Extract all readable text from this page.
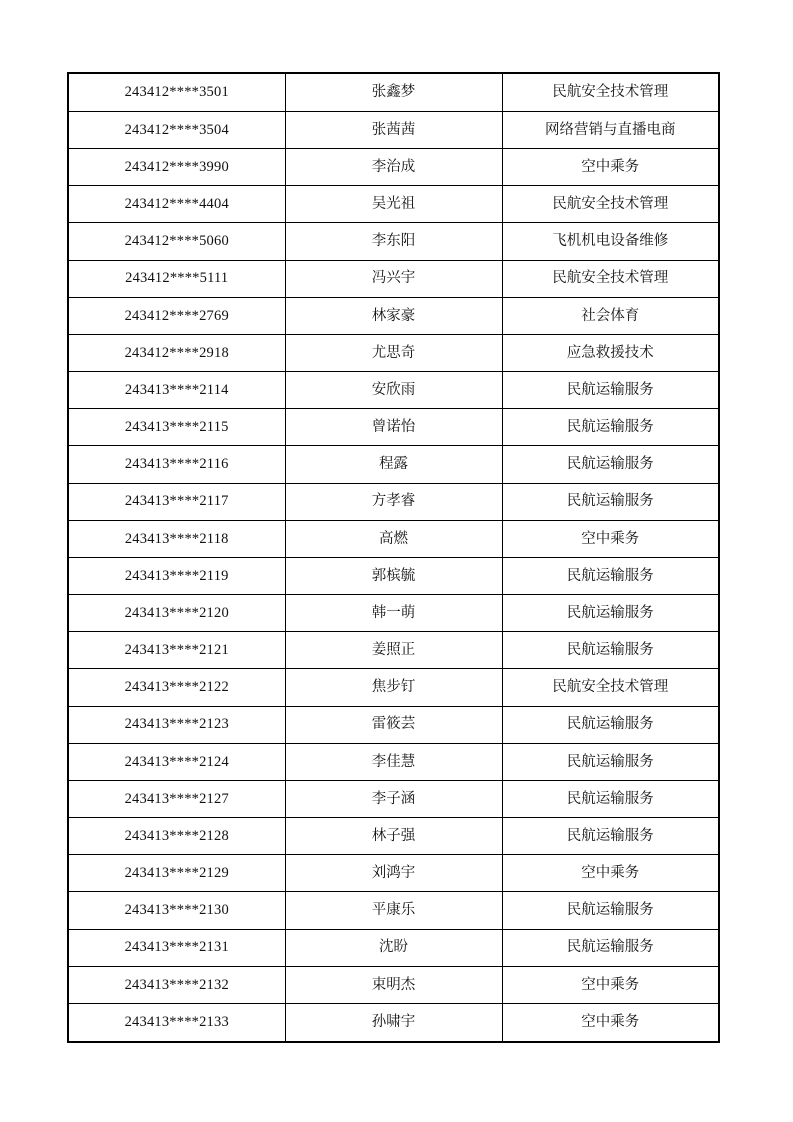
243412****3501	张鑫梦	民航安全技术管理
243412****3504	张茜茜	网络营销与直播电商
243412****3990	李治成	空中乘务
243412****4404	吴光祖	民航安全技术管理
243412****5060	李东阳	飞机机电设备维修
243412****5111	冯兴宇	民航安全技术管理
243412****2769	林家豪	社会体育
243412****2918	尤思奇	应急救援技术
243413****2114	安欣雨	民航运输服务
243413****2115	曾诺怡	民航运输服务
243413****2116	程露	民航运输服务
243413****2117	方孝睿	民航运输服务
243413****2118	高燃	空中乘务
243413****2119	郭槟毓	民航运输服务
243413****2120	韩一萌	民航运输服务
243413****2121	姜照正	民航运输服务
243413****2122	焦步钉	民航安全技术管理
243413****2123	雷筱芸	民航运输服务
243413****2124	李佳慧	民航运输服务
243413****2127	李子涵	民航运输服务
243413****2128	林子强	民航运输服务
243413****2129	刘鸿宇	空中乘务
243413****2130	平康乐	民航运输服务
243413****2131	沈盼	民航运输服务
243413****2132	束明杰	空中乘务
243413****2133	孙啸宇	空中乘务
